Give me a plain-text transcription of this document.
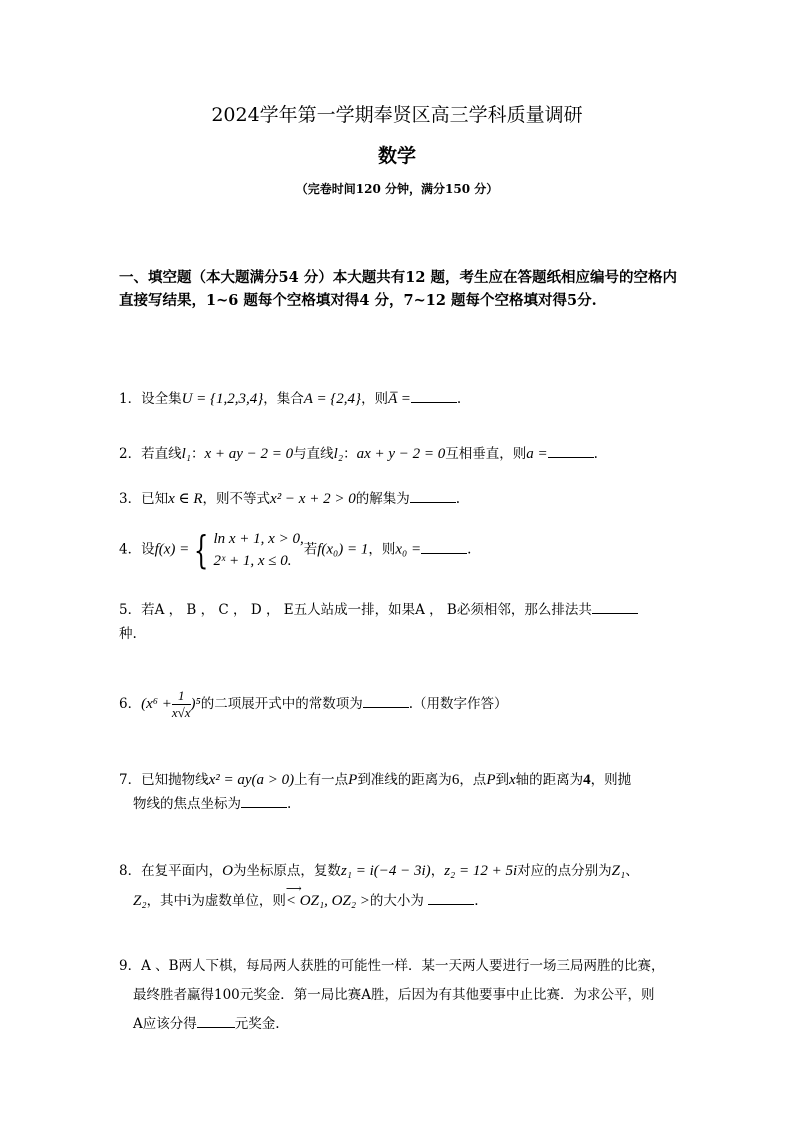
2024学年第一学期奉贤区高三学科质量调研
数学
（完卷时间120 分钟，满分150 分）
一、填空题（本大题满分54 分）本大题共有12 题，考生应在答题纸相应编号的空格内直接写结果，1~6 题每个空格填对得4 分，7~12 题每个空格填对得5分.
1．设全集U = {1,2,3,4}，集合A = {2,4}，则A̅ =	.
2．若直线l₁：x + ay − 2 = 0与直线l₂：ax + y − 2 = 0互相垂直，则a =	.
3．已知x ∈ R，则不等式x² − x + 2 > 0的解集为	.
4．设f(x) = { ln x + 1, x > 0,
2ˣ + 1, x ≤ 0.
若f(x₀) = 1，则x₀ =	.
5．若A ， B ， C ， D ， E五人站成一排，如果A ， B必须相邻，那么排法共
种.
6．$(x^6 + \frac{1}{x√x} )^5$的二项展开式中的常数项为	.（用数字作答）
7．已知抛物线x² = ay(a > 0)上有一点P到准线的距离为6，点P到x轴的距离为4，则抛
物线的焦点坐标为	.
8．在复平面内，O为坐标原点，复数z₁ = i(−4 − 3i)，z₂ = 12 + 5i对应的点分别为Z₁、
Z₂，其中i为虚数单位，则⟶ < OZ₁, OZ₂ >的大小为	.
9．A 、B两人下棋，每局两人获胜的可能性一样．某一天两人要进行一场三局两胜的比赛，
最终胜者赢得100元奖金．第一局比赛A胜，后因为有其他要事中止比赛．为求公平，则
A应该分得	元奖金.
